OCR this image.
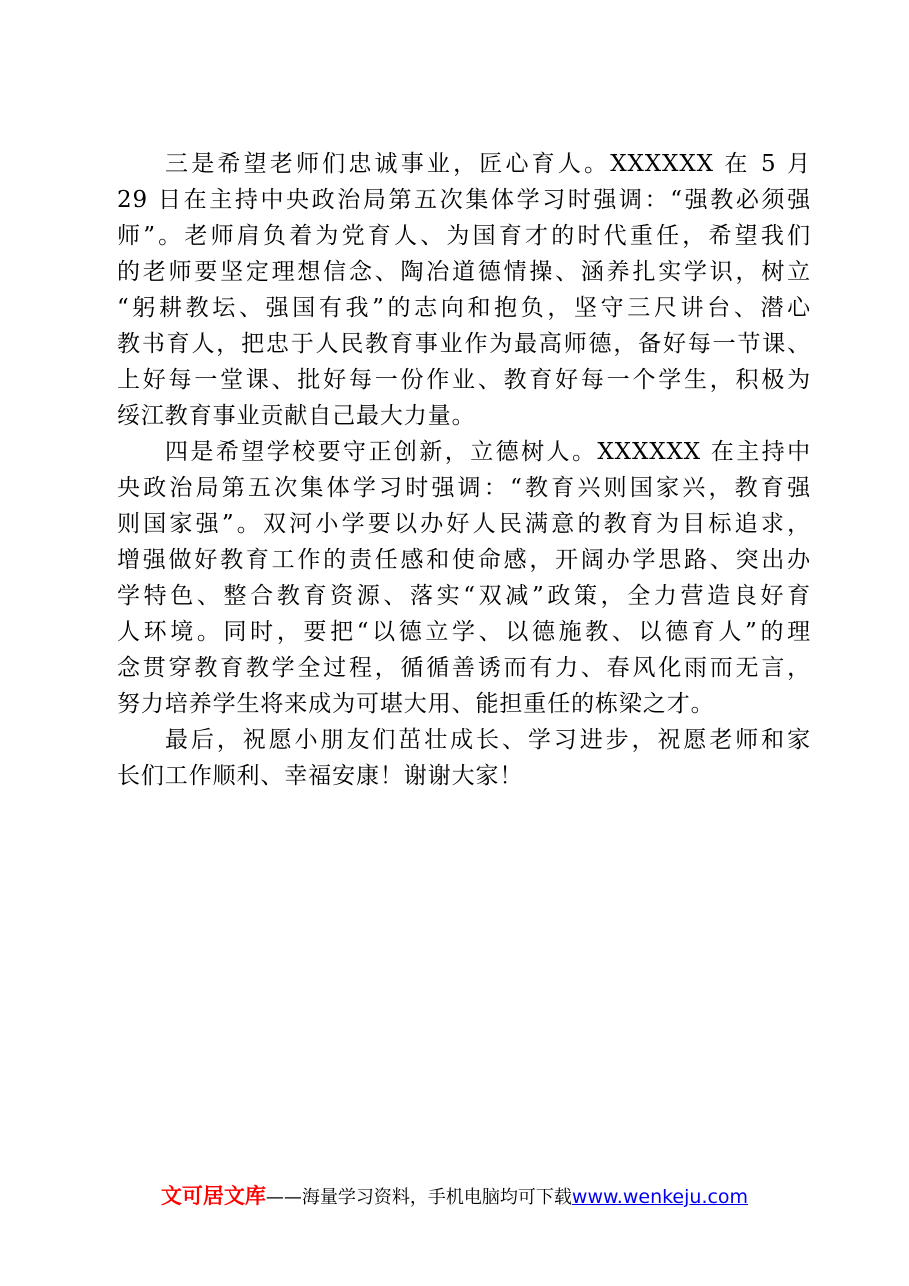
三是希望老师们忠诚事业，匠心育人。XXXXXX 在 5 月
29 日在主持中央政治局第五次集体学习时强调：“强教必须强
师”。老师肩负着为党育人、为国育才的时代重任，希望我们
的老师要坚定理想信念、陶冶道德情操、涵养扎实学识，树立
“躬耕教坛、强国有我”的志向和抱负，坚守三尺讲台、潜心
教书育人，把忠于人民教育事业作为最高师德，备好每一节课、
上好每一堂课、批好每一份作业、教育好每一个学生，积极为
绥江教育事业贡献自己最大力量。
四是希望学校要守正创新，立德树人。XXXXXX 在主持中
央政治局第五次集体学习时强调：“教育兴则国家兴，教育强
则国家强”。双河小学要以办好人民满意的教育为目标追求，
增强做好教育工作的责任感和使命感，开阔办学思路、突出办
学特色、整合教育资源、落实“双减”政策，全力营造良好育
人环境。同时，要把“以德立学、以德施教、以德育人”的理
念贯穿教育教学全过程，循循善诱而有力、春风化雨而无言，
努力培养学生将来成为可堪大用、能担重任的栋梁之才。
最后，祝愿小朋友们茁壮成长、学习进步，祝愿老师和家
长们工作顺利、幸福安康！谢谢大家！
文可居文库——海量学习资料，手机电脑均可下载www.wenkeju.com
